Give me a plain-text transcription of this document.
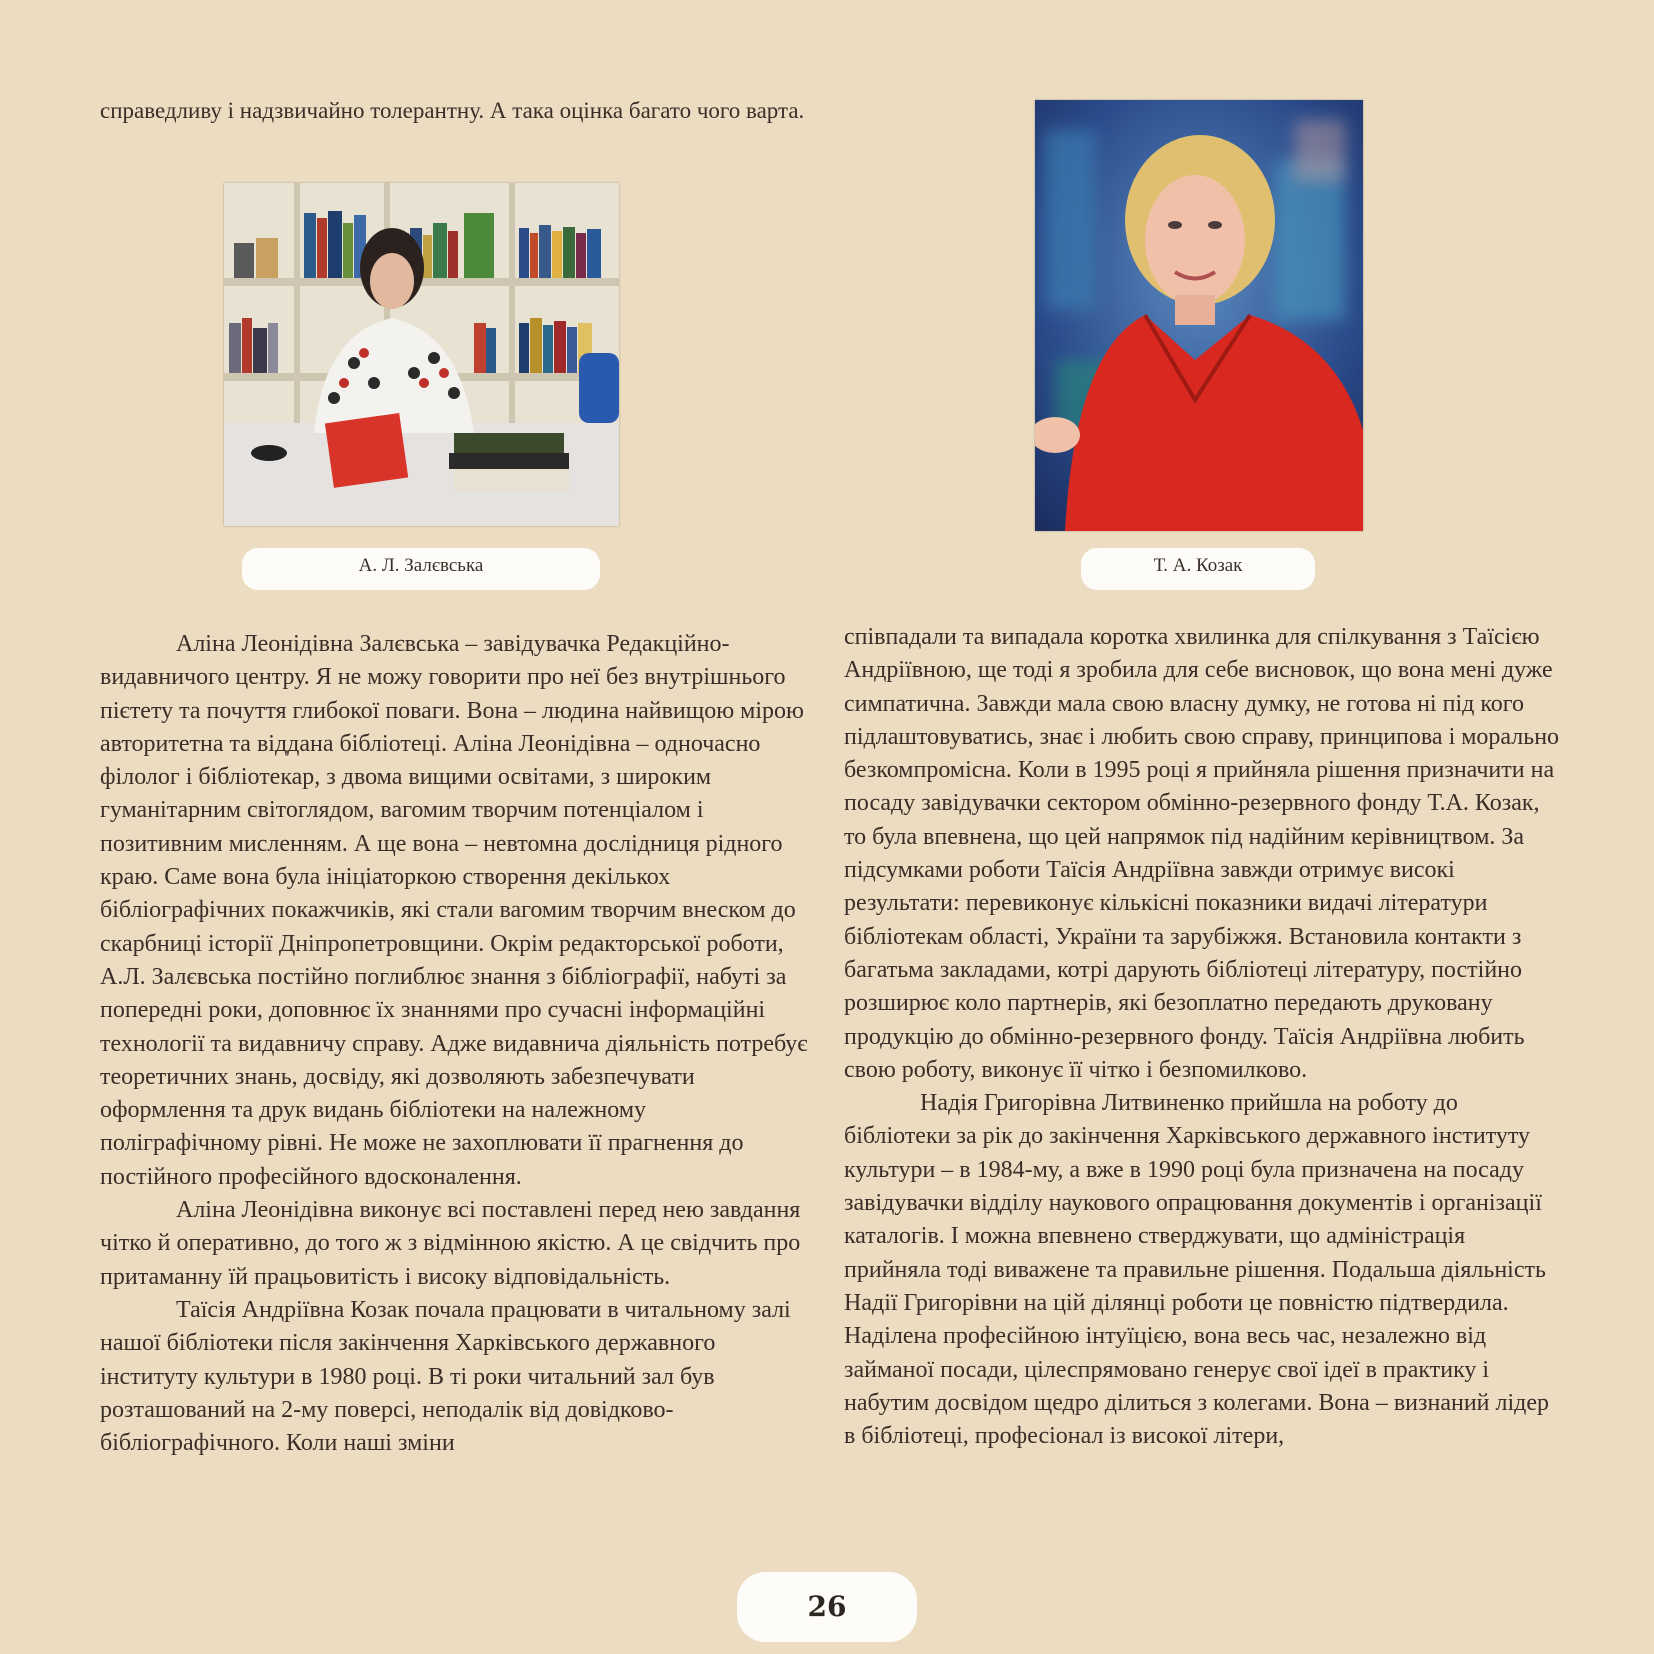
справедливу і надзвичайно толерантну. А така оцінка багато чого варта.

А. Л. Залєвська	Т. А. Козак

Аліна Леонідівна Залєвська – завідувачка Редакційно-видавничого центру. Я не можу говорити про неї без внутрішнього пієтету та почуття глибокої поваги. Вона – людина найвищою мірою авторитетна та віддана бібліотеці. Аліна Леонідівна – одночасно філолог і бібліотекар, з двома вищими освітами, з широким гуманітарним світоглядом, вагомим творчим потенціалом і позитивним мисленням. А ще вона – невтомна дослідниця рідного краю. Саме вона була ініціаторкою створення декількох бібліографічних покажчиків, які стали вагомим творчим внеском до скарбниці історії Дніпропетровщини. Окрім редакторської роботи, А.Л. Залєвська постійно поглиблює знання з бібліографії, набуті за попередні роки, доповнює їх знаннями про сучасні інформаційні технології та видавничу справу. Адже видавнича діяльність потребує теоретичних знань, досвіду, які дозволяють забезпечувати оформлення та друк видань бібліотеки на належному поліграфічному рівні. Не може не захоплювати її прагнення до постійного професійного вдосконалення.

Аліна Леонідівна виконує всі поставлені перед нею завдання чітко й оперативно, до того ж з відмінною якістю. А це свідчить про притаманну їй працьовитість і високу відповідальність.

Таїсія Андріївна Козак почала працювати в читальному залі нашої бібліотеки після закінчення Харківського державного інституту культури в 1980 році. В ті роки читальний зал був розташований на 2-му поверсі, неподалік від довідково-бібліографічного. Коли наші зміни

співпадали та випадала коротка хвилинка для спілкування з Таїсією Андріївною, ще тоді я зробила для себе висновок, що вона мені дуже симпатична. Завжди мала свою власну думку, не готова ні під кого підлаштовуватись, знає і любить свою справу, принципова і морально безкомпромісна. Коли в 1995 році я прийняла рішення призначити на посаду завідувачки сектором обмінно-резервного фонду Т.А. Козак, то була впевнена, що цей напрямок під надійним керівництвом. За підсумками роботи Таїсія Андріївна завжди отримує високі результати: перевиконує кількісні показники видачі літератури бібліотекам області, України та зарубіжжя. Встановила контакти з багатьма закладами, котрі дарують бібліотеці літературу, постійно розширює коло партнерів, які безоплатно передають друковану продукцію до обмінно-резервного фонду. Таїсія Андріївна любить свою роботу, виконує її чітко і безпомилково.

Надія Григорівна Литвиненко прийшла на роботу до бібліотеки за рік до закінчення Харківського державного інституту культури – в 1984-му, а вже в 1990 році була призначена на посаду завідувачки відділу наукового опрацювання документів і організації каталогів. І можна впевнено стверджувати, що адміністрація прийняла тоді виважене та правильне рішення. Подальша діяльність Надії Григорівни на цій ділянці роботи це повністю підтвердила. Наділена професійною інтуїцією, вона весь час, незалежно від займаної посади, цілеспрямовано генерує свої ідеї в практику і набутим досвідом щедро ділиться з колегами. Вона – визнаний лідер в бібліотеці, професіонал із високої літери,

26
